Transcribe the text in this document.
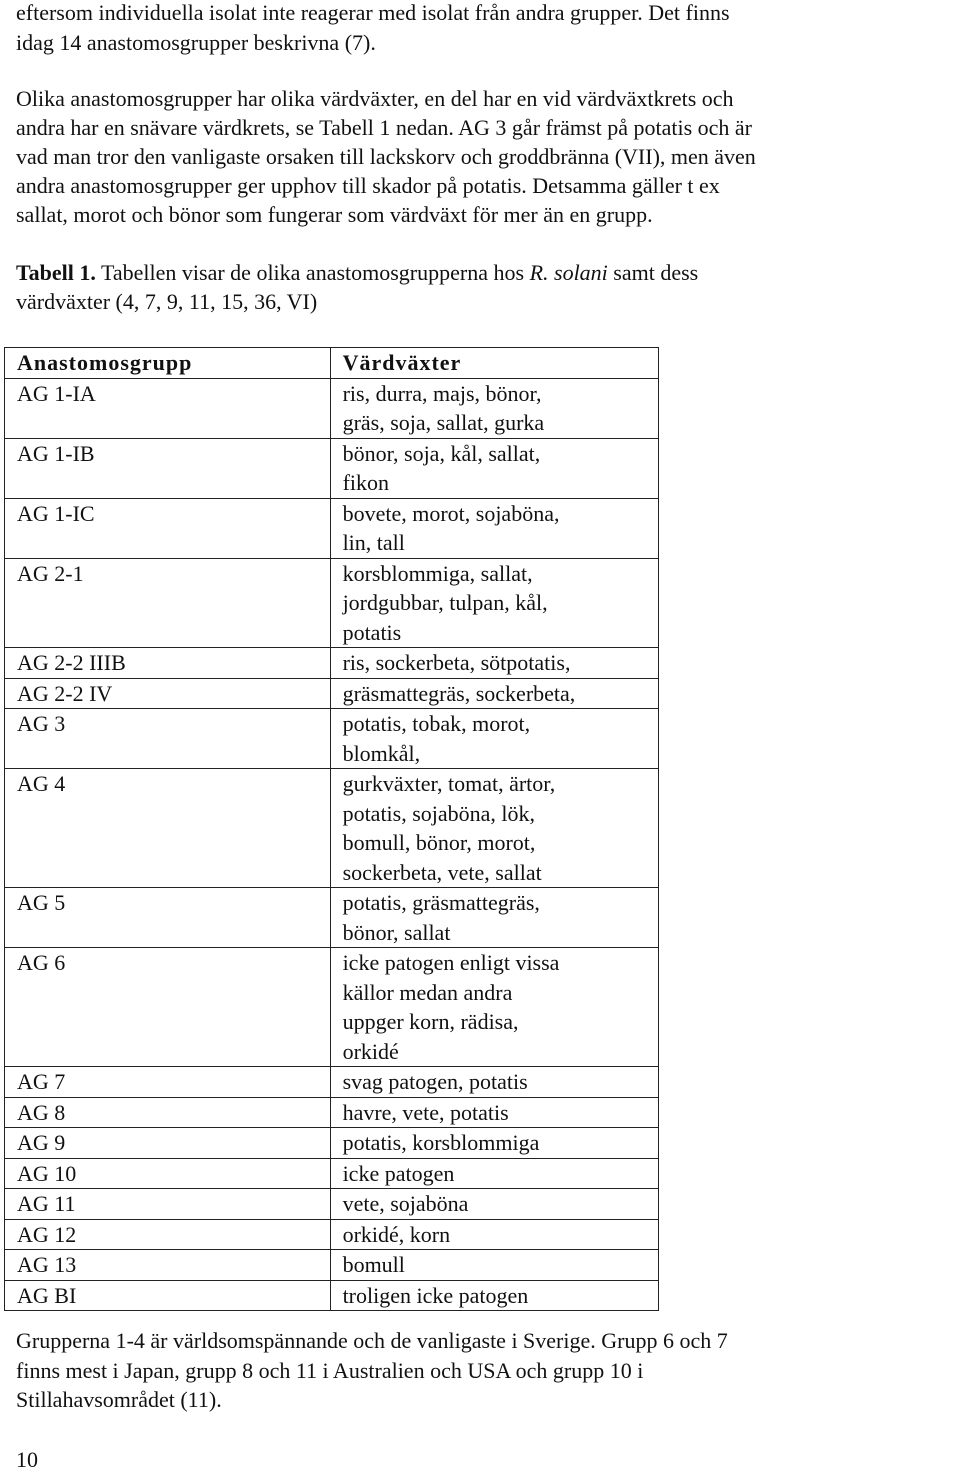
eftersom individuella isolat inte reagerar med isolat från andra grupper. Det finns
idag 14 anastomosgrupper beskrivna (7).
Olika anastomosgrupper har olika värdväxter, en del har en vid värdväxtkrets och
andra har en snävare värdkrets, se Tabell 1 nedan. AG 3 går främst på potatis och är
vad man tror den vanligaste orsaken till lackskorv och groddbränna (VII), men även
andra anastomosgrupper ger upphov till skador på potatis. Detsamma gäller t ex
sallat, morot och bönor som fungerar som värdväxt för mer än en grupp.
Tabell 1. Tabellen visar de olika anastomosgrupperna hos R. solani samt dess
värdväxter (4, 7, 9, 11, 15, 36, VI)
Anastomosgrupp	Värdväxter
AG 1-IA	ris, durra, majs, bönor,
gräs, soja, sallat, gurka

AG 1-IB	bönor, soja, kål, sallat,
fikon

AG 1-IC	bovete, morot, sojaböna,
lin, tall

AG 2-1	korsblommiga, sallat,
jordgubbar, tulpan, kål,
potatis

AG 2-2 IIIB	ris, sockerbeta, sötpotatis,

AG 2-2 IV	gräsmattegräs, sockerbeta,

AG 3	potatis, tobak, morot,
blomkål,

AG 4	gurkväxter, tomat, ärtor,
potatis, sojaböna, lök,
bomull, bönor, morot,
sockerbeta, vete, sallat

AG 5	potatis, gräsmattegräs,
bönor, sallat

AG 6	icke patogen enligt vissa
källor medan andra
uppger korn, rädisa,
orkidé

AG 7	svag patogen, potatis

AG 8	havre, vete, potatis

AG 9	potatis, korsblommiga

AG 10	icke patogen

AG 11	vete, sojaböna

AG 12	orkidé, korn

AG 13	bomull

AG BI	troligen icke patogen
Grupperna 1-4 är världsomspännande och de vanligaste i Sverige. Grupp 6 och 7
finns mest i Japan, grupp 8 och 11 i Australien och USA och grupp 10 i
Stillahavsområdet (11).
10
